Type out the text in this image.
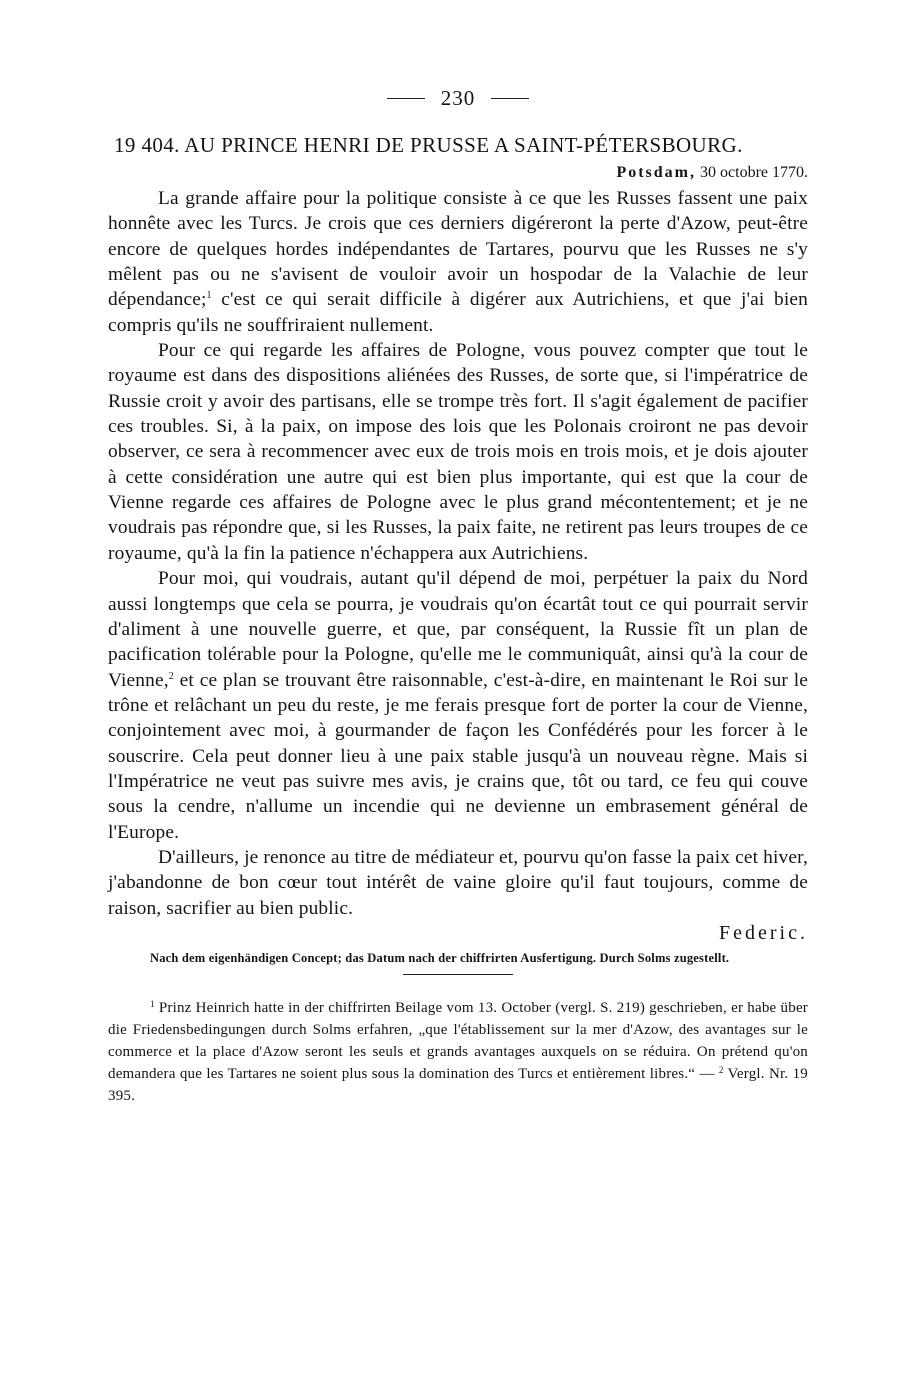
230
19 404. AU PRINCE HENRI DE PRUSSE A SAINT-PÉTERSBOURG.
Potsdam, 30 octobre 1770.

La grande affaire pour la politique consiste à ce que les Russes fassent une paix honnête avec les Turcs. Je crois que ces derniers digéreront la perte d'Azow, peut-être encore de quelques hordes indépendantes de Tartares, pourvu que les Russes ne s'y mêlent pas ou ne s'avisent de vouloir avoir un hospodar de la Valachie de leur dépendance;$^1$ c'est ce qui serait difficile à digérer aux Autrichiens, et que j'ai bien compris qu'ils ne souffriraient nullement.

Pour ce qui regarde les affaires de Pologne, vous pouvez compter que tout le royaume est dans des dispositions aliénées des Russes, de sorte que, si l'impératrice de Russie croit y avoir des partisans, elle se trompe très fort. Il s'agit également de pacifier ces troubles. Si, à la paix, on impose des lois que les Polonais croiront ne pas devoir observer, ce sera à recommencer avec eux de trois mois en trois mois, et je dois ajouter à cette considération une autre qui est bien plus importante, qui est que la cour de Vienne regarde ces affaires de Pologne avec le plus grand mécontentement; et je ne voudrais pas répondre que, si les Russes, la paix faite, ne retirent pas leurs troupes de ce royaume, qu'à la fin la patience n'échappera aux Autrichiens.

Pour moi, qui voudrais, autant qu'il dépend de moi, perpétuer la paix du Nord aussi longtemps que cela se pourra, je voudrais qu'on écartât tout ce qui pourrait servir d'aliment à une nouvelle guerre, et que, par conséquent, la Russie fît un plan de pacification tolérable pour la Pologne, qu'elle me le communiquât, ainsi qu'à la cour de Vienne,$^2$ et ce plan se trouvant être raisonnable, c'est-à-dire, en maintenant le Roi sur le trône et relâchant un peu du reste, je me ferais presque fort de porter la cour de Vienne, conjointement avec moi, à gourmander de façon les Confédérés pour les forcer à le souscrire. Cela peut donner lieu à une paix stable jusqu'à un nouveau règne. Mais si l'Impératrice ne veut pas suivre mes avis, je crains que, tôt ou tard, ce feu qui couve sous la cendre, n'allume un incendie qui ne devienne un embrasement général de l'Europe.

D'ailleurs, je renonce au titre de médiateur et, pourvu qu'on fasse la paix cet hiver, j'abandonne de bon cœur tout intérêt de vaine gloire qu'il faut toujours, comme de raison, sacrifier au bien public.

Federic.
Nach dem eigenhändigen Concept; das Datum nach der chiffrirten Ausfertigung. Durch Solms zugestellt.
$^1$ Prinz Heinrich hatte in der chiffrirten Beilage vom 13. October (vergl. S. 219) geschrieben, er habe über die Friedensbedingungen durch Solms erfahren, „que l'établissement sur la mer d'Azow, des avantages sur le commerce et la place d'Azow seront les seuls et grands avantages auxquels on se réduira. On prétend qu'on demandera que les Tartares ne soient plus sous la domination des Turcs et entièrement libres.“ — $^2$ Vergl. Nr. 19 395.
